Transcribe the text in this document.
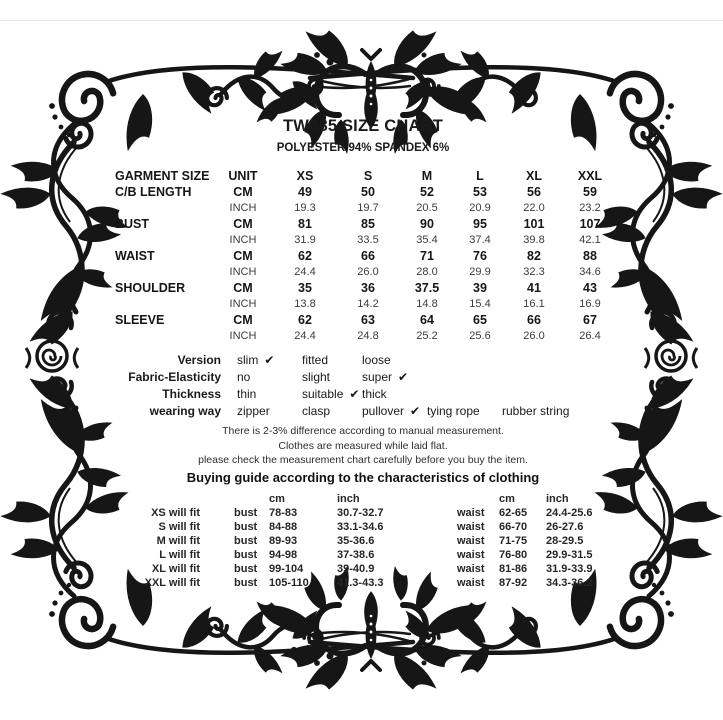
TW685 SIZE CHART
POLYESTER 94% SPANDEX 6%
GARMENT SIZE	UNIT	XS	S	M	L	XL	XXL
C/B LENGTH	CM	49	50	52	53	56	59
INCH	19.3	19.7	20.5	20.9	22.0	23.2
BUST	CM	81	85	90	95	101	107
INCH	31.9	33.5	35.4	37.4	39.8	42.1
WAIST	CM	62	66	71	76	82	88
INCH	24.4	26.0	28.0	29.9	32.3	34.6
SHOULDER	CM	35	36	37.5	39	41	43
INCH	13.8	14.2	14.8	15.4	16.1	16.9
SLEEVE	CM	62	63	64	65	66	67
INCH	24.4	24.8	25.2	25.6	26.0	26.4
Version	slim ✔ fitted	loose
Fabric-Elasticity	no	slight	super ✔
Thickness	thin	suitable ✔ thick
wearing way	zipper	clasp	pullover ✔ tying rope rubber string
There is 2-3% difference according to manual measurement.
Clothes are measured while laid flat.
please check the measurement chart carefully before you buy the item.
Buying guide according to the characteristics of clothing
cm	inch	cm	inch
XS will fit	bust	78-83	30.7-32.7	waist	62-65	24.4-25.6
S will fit	bust	84-88	33.1-34.6	waist	66-70	26-27.6
M will fit	bust	89-93	35-36.6	waist	71-75	28-29.5
L will fit	bust	94-98	37-38.6	waist	76-80	29.9-31.5
XL will fit	bust	99-104	39-40.9	waist	81-86	31.9-33.9
XXL will fit	bust	105-110	41.3-43.3	waist	87-92	34.3-36.2
